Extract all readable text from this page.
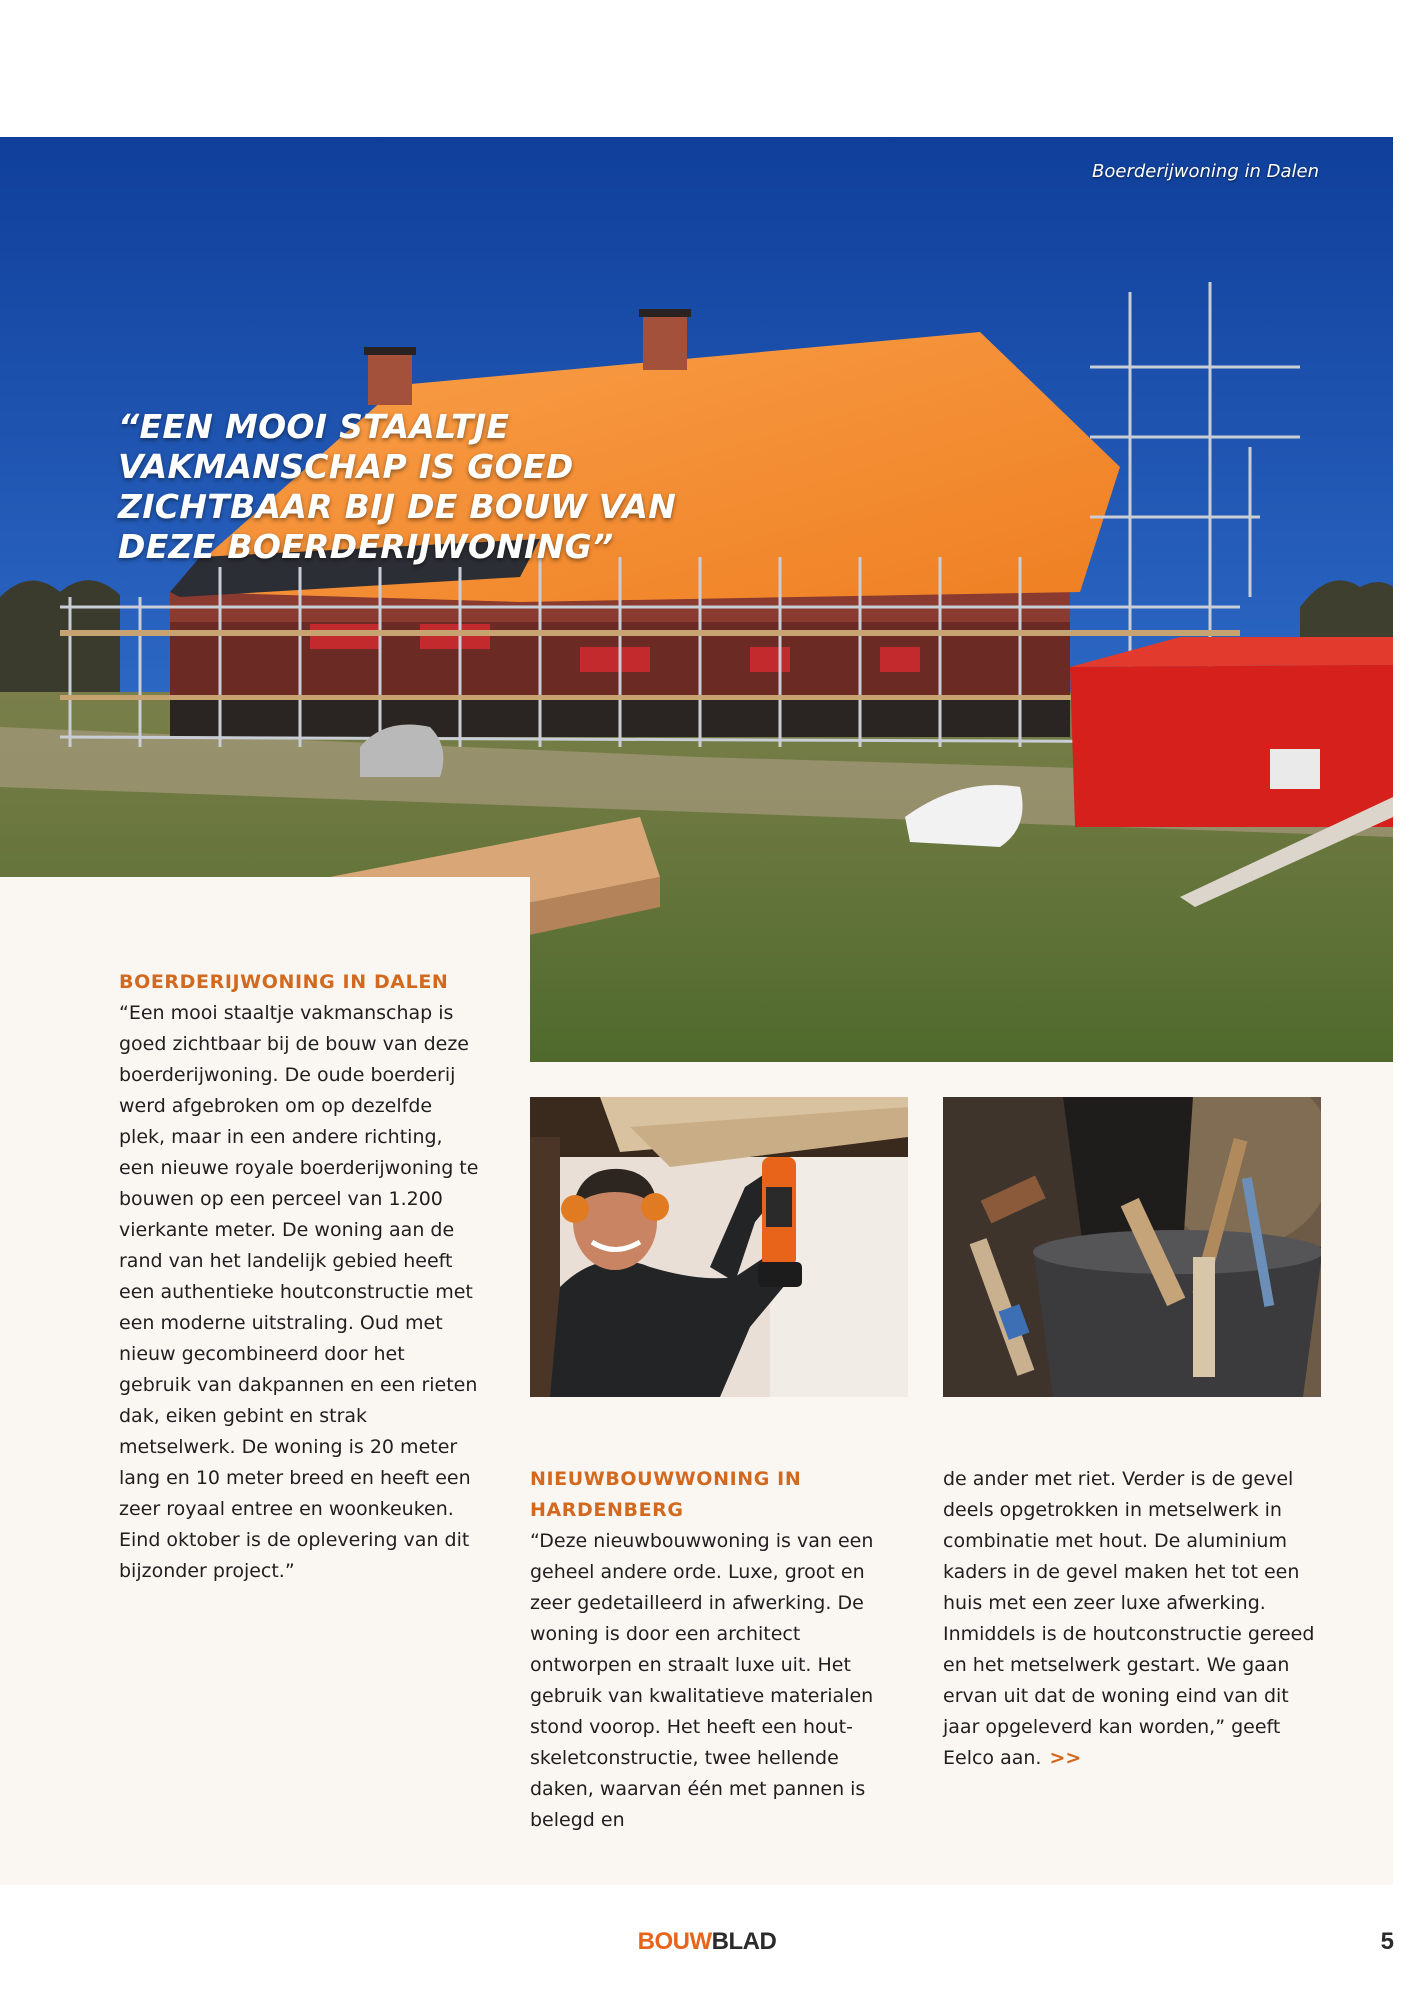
Boerderijwoning in Dalen

“EEN MOOI STAALTJE VAKMANSCHAP IS GOED ZICHTBAAR BIJ DE BOUW VAN DEZE BOERDERIJWONING”

BOERDERIJWONING IN DALEN

“Een mooi staaltje vakmanschap is goed zichtbaar bij de bouw van deze boerderijwoning. De oude boerderij werd afgebroken om op dezelfde plek, maar in een andere richting, een nieuwe royale boerderijwoning te bouwen op een perceel van 1.200 vierkante meter. De woning aan de rand van het landelijk gebied heeft een authentieke houtconstructie met een moderne uitstraling. Oud met nieuw gecombineerd door het gebruik van dakpannen en een rieten dak, eiken gebint en strak metselwerk. De woning is 20 meter lang en 10 meter breed en heeft een zeer royaal entree en woonkeuken. Eind oktober is de oplevering van dit bijzonder project.”

NIEUWBOUWWONING IN HARDENBERG

“Deze nieuwbouwwoning is van een geheel andere orde. Luxe, groot en zeer gedetailleerd in afwerking. De woning is door een architect ontworpen en straalt luxe uit. Het gebruik van kwalitatieve materialen stond voorop. Het heeft een hout-skeletconstructie, twee hellende daken, waarvan één met pannen is belegd en

de ander met riet. Verder is de gevel deels opgetrokken in metselwerk in combinatie met hout. De aluminium kaders in de gevel maken het tot een huis met een zeer luxe afwerking. Inmiddels is de houtconstructie gereed en het metselwerk gestart. We gaan ervan uit dat de woning eind van dit jaar opgeleverd kan worden,” geeft Eelco aan. >>

BOUWBLAD	5
